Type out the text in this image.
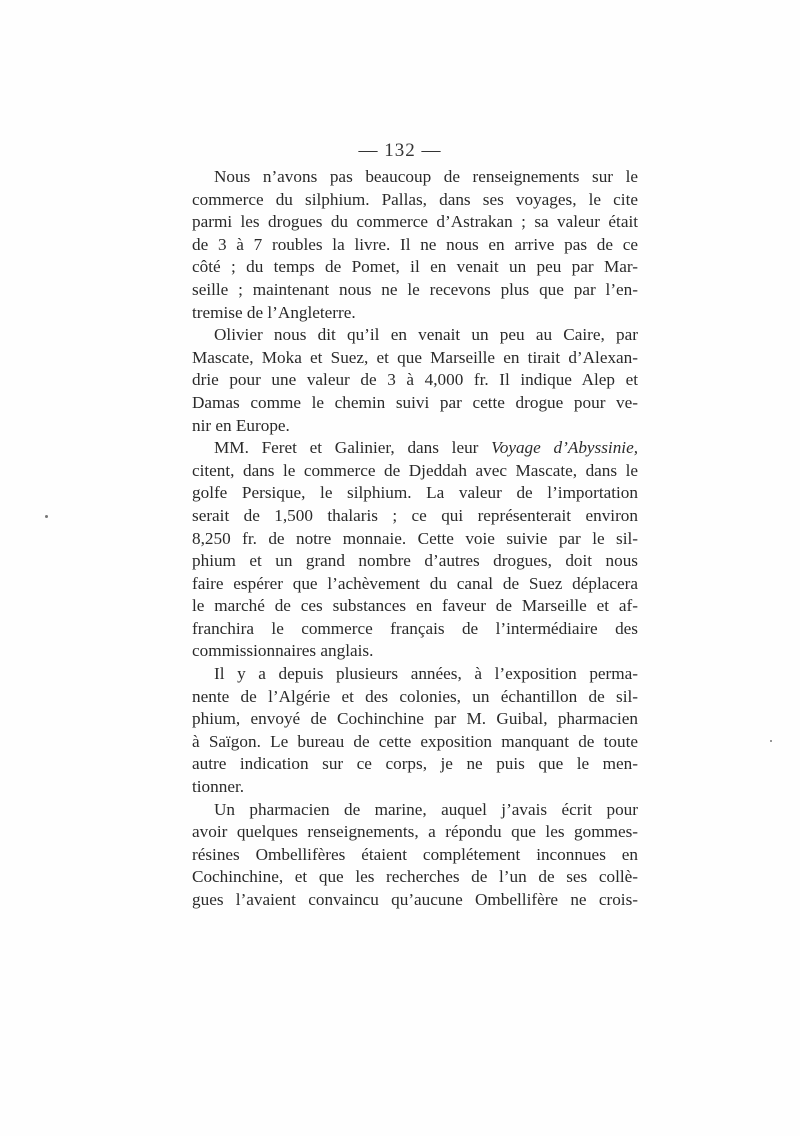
— 132 —
Nous n’avons pas beaucoup de renseignements sur le
commerce du silphium. Pallas, dans ses voyages, le cite
parmi les drogues du commerce d’Astrakan ; sa valeur était
de 3 à 7 roubles la livre. Il ne nous en arrive pas de ce
côté ; du temps de Pomet, il en venait un peu par Mar-
seille ; maintenant nous ne le recevons plus que par l’en-
tremise de l’Angleterre.
Olivier nous dit qu’il en venait un peu au Caire, par
Mascate, Moka et Suez, et que Marseille en tirait d’Alexan-
drie pour une valeur de 3 à 4,000 fr. Il indique Alep et
Damas comme le chemin suivi par cette drogue pour ve-
nir en Europe.
MM. Feret et Galinier, dans leur Voyage d’Abyssinie,
citent, dans le commerce de Djeddah avec Mascate, dans le
golfe Persique, le silphium. La valeur de l’importation
serait de 1,500 thalaris ; ce qui représenterait environ
8,250 fr. de notre monnaie. Cette voie suivie par le sil-
phium et un grand nombre d’autres drogues, doit nous
faire espérer que l’achèvement du canal de Suez déplacera
le marché de ces substances en faveur de Marseille et af-
franchira le commerce français de l’intermédiaire des
commissionnaires anglais.
Il y a depuis plusieurs années, à l’exposition perma-
nente de l’Algérie et des colonies, un échantillon de sil-
phium, envoyé de Cochinchine par M. Guibal, pharmacien
à Saïgon. Le bureau de cette exposition manquant de toute
autre indication sur ce corps, je ne puis que le men-
tionner.
Un pharmacien de marine, auquel j’avais écrit pour
avoir quelques renseignements, a répondu que les gommes-
résines Ombellifères étaient complétement inconnues en
Cochinchine, et que les recherches de l’un de ses collè-
gues l’avaient convaincu qu’aucune Ombellifère ne crois-
